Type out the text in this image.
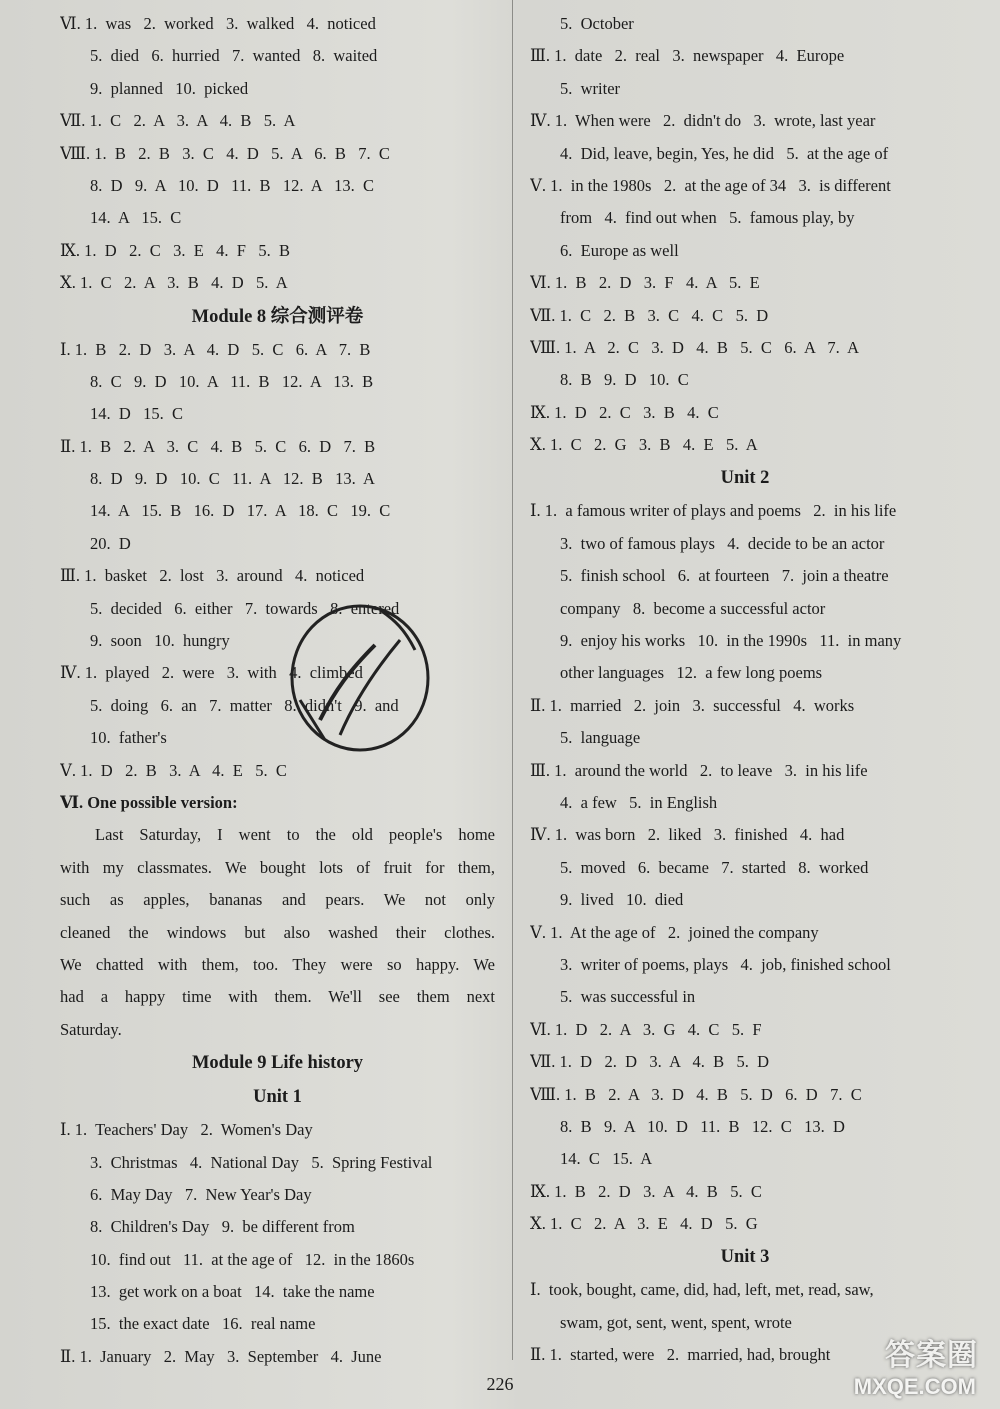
Ⅵ. 1.  was   2.  worked   3.  walked   4.  noticed
5.  died   6.  hurried   7.  wanted   8.  waited
9.  planned   10.  picked
Ⅶ. 1.  C   2.  A   3.  A   4.  B   5.  A
Ⅷ. 1.  B   2.  B   3.  C   4.  D   5.  A   6.  B   7.  C
8.  D   9.  A   10.  D   11.  B   12.  A   13.  C
14.  A   15.  C
Ⅸ. 1.  D   2.  C   3.  E   4.  F   5.  B
Ⅹ. 1.  C   2.  A   3.  B   4.  D   5.  A
Module 8 综合测评卷
Ⅰ. 1.  B   2.  D   3.  A   4.  D   5.  C   6.  A   7.  B
8.  C   9.  D   10.  A   11.  B   12.  A   13.  B
14.  D   15.  C
Ⅱ. 1.  B   2.  A   3.  C   4.  B   5.  C   6.  D   7.  B
8.  D   9.  D   10.  C   11.  A   12.  B   13.  A
14.  A   15.  B   16.  D   17.  A   18.  C   19.  C
20.  D
Ⅲ. 1.  basket   2.  lost   3.  around   4.  noticed
5.  decided   6.  either   7.  towards   8.  entered
9.  soon   10.  hungry
Ⅳ. 1.  played   2.  were   3.  with   4.  climbed
5.  doing   6.  an   7.  matter   8.  didn't   9.  and
10.  father's
Ⅴ. 1.  D   2.  B   3.  A   4.  E   5.  C
Ⅵ. One possible version:
Last Saturday, I went to the old people's home
with my classmates. We bought lots of fruit for them,
such as apples, bananas and pears. We not only
cleaned the windows but also washed their clothes.
We chatted with them, too. They were so happy. We
had a happy time with them. We'll see them next
Saturday.
Module 9 Life history
Unit 1
Ⅰ. 1.  Teachers' Day   2.  Women's Day
3.  Christmas   4.  National Day   5.  Spring Festival
6.  May Day   7.  New Year's Day
8.  Children's Day   9.  be different from
10.  find out   11.  at the age of   12.  in the 1860s
13.  get work on a boat   14.  take the name
15.  the exact date   16.  real name
Ⅱ. 1.  January   2.  May   3.  September   4.  June
5.  October
Ⅲ. 1.  date   2.  real   3.  newspaper   4.  Europe
5.  writer
Ⅳ. 1.  When were   2.  didn't do   3.  wrote, last year
4.  Did, leave, begin, Yes, he did   5.  at the age of
Ⅴ. 1.  in the 1980s   2.  at the age of 34   3.  is different
from   4.  find out when   5.  famous play, by
6.  Europe as well
Ⅵ. 1.  B   2.  D   3.  F   4.  A   5.  E
Ⅶ. 1.  C   2.  B   3.  C   4.  C   5.  D
Ⅷ. 1.  A   2.  C   3.  D   4.  B   5.  C   6.  A   7.  A
8.  B   9.  D   10.  C
Ⅸ. 1.  D   2.  C   3.  B   4.  C
Ⅹ. 1.  C   2.  G   3.  B   4.  E   5.  A
Unit 2
Ⅰ. 1.  a famous writer of plays and poems   2.  in his life
3.  two of famous plays   4.  decide to be an actor
5.  finish school   6.  at fourteen   7.  join a theatre
company   8.  become a successful actor
9.  enjoy his works   10.  in the 1990s   11.  in many
other languages   12.  a few long poems
Ⅱ. 1.  married   2.  join   3.  successful   4.  works
5.  language
Ⅲ. 1.  around the world   2.  to leave   3.  in his life
4.  a few   5.  in English
Ⅳ. 1.  was born   2.  liked   3.  finished   4.  had
5.  moved   6.  became   7.  started   8.  worked
9.  lived   10.  died
Ⅴ. 1.  At the age of   2.  joined the company
3.  writer of poems, plays   4.  job, finished school
5.  was successful in
Ⅵ. 1.  D   2.  A   3.  G   4.  C   5.  F
Ⅶ. 1.  D   2.  D   3.  A   4.  B   5.  D
Ⅷ. 1.  B   2.  A   3.  D   4.  B   5.  D   6.  D   7.  C
8.  B   9.  A   10.  D   11.  B   12.  C   13.  D
14.  C   15.  A
Ⅸ. 1.  B   2.  D   3.  A   4.  B   5.  C
Ⅹ. 1.  C   2.  A   3.  E   4.  D   5.  G
Unit 3
Ⅰ.  took, bought, came, did, had, left, met, read, saw,
swam, got, sent, went, spent, wrote
Ⅱ. 1.  started, were   2.  married, had, brought
226
答案圈
MXQE.COM
